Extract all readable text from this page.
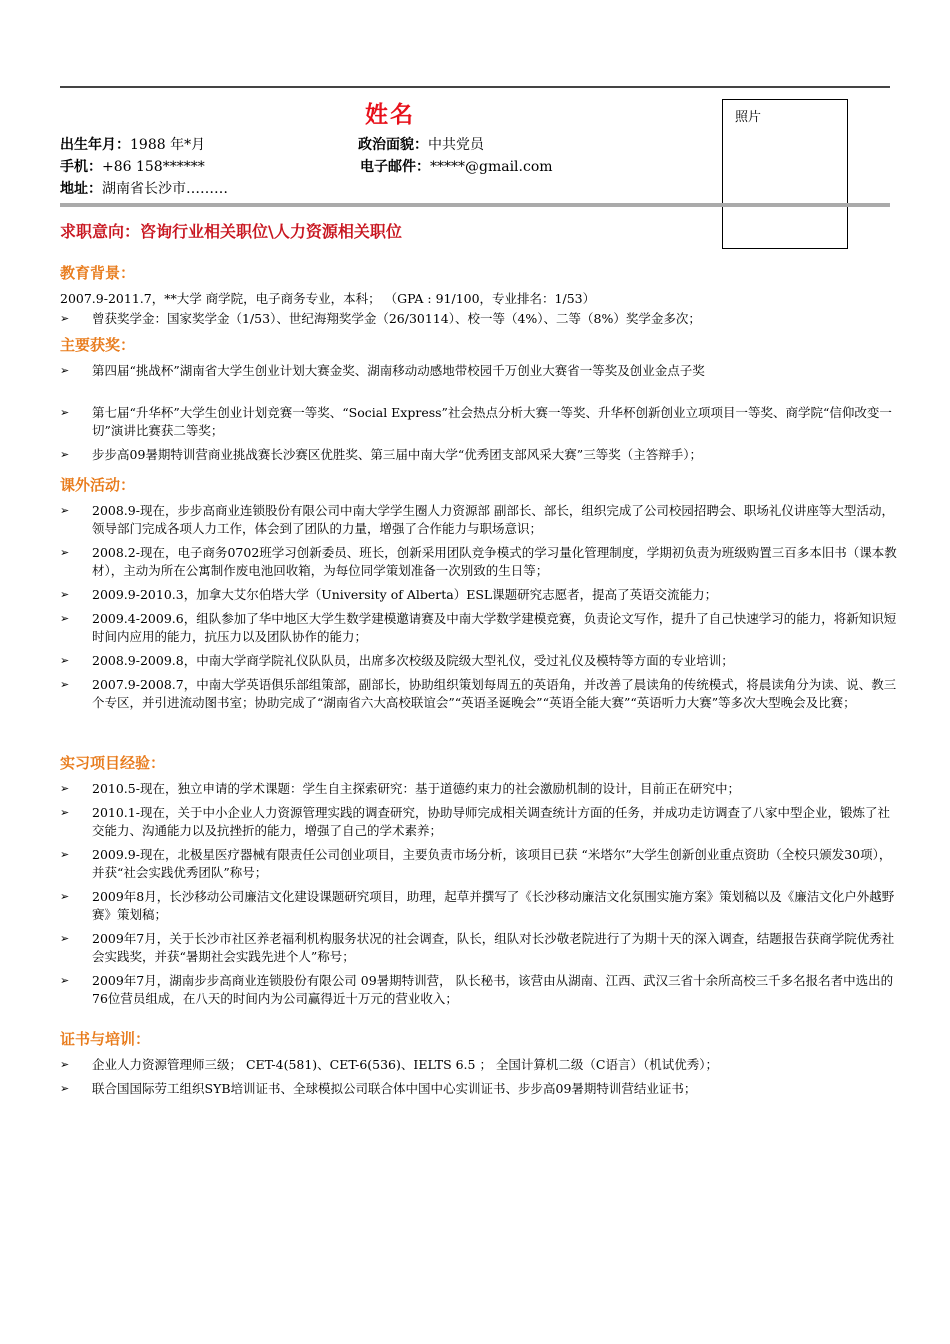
姓名	照片
出生年月：1988 年*月	政治面貌：中共党员
手机：+86 158******	电子邮件：*****@gmail.com
地址：湖南省长沙市………
求职意向：咨询行业相关职位\人力资源相关职位
教育背景：
2007.9-2011.7，**大学 商学院，电子商务专业，本科； （GPA : 91/100，专业排名：1/53）
➢ 曾获奖学金：国家奖学金（1/53）、世纪海翔奖学金（26/30114）、校一等（4%）、二等（8%）奖学金多次；
主要获奖：
➢ 第四届“挑战杯”湖南省大学生创业计划大赛金奖、湖南移动动感地带校园千万创业大赛省一等奖及创业金点子奖
➢ 第七届“升华杯”大学生创业计划竞赛一等奖、“Social Express”社会热点分析大赛一等奖、升华杯创新创业立项项目一等奖、商学院“信仰改变一切”演讲比赛获二等奖；
➢ 步步高09暑期特训营商业挑战赛长沙赛区优胜奖、第三届中南大学“优秀团支部风采大赛”三等奖（主答辩手）；
课外活动：
➢ 2008.9-现在，步步高商业连锁股份有限公司中南大学学生圈人力资源部 副部长、部长，组织完成了公司校园招聘会、职场礼仪讲座等大型活动，领导部门完成各项人力工作，体会到了团队的力量，增强了合作能力与职场意识；
➢ 2008.2-现在，电子商务0702班学习创新委员、班长，创新采用团队竞争模式的学习量化管理制度，学期初负责为班级购置三百多本旧书（课本教材），主动为所在公寓制作废电池回收箱，为每位同学策划准备一次别致的生日等；
➢ 2009.9-2010.3，加拿大艾尔伯塔大学（University of Alberta）ESL课题研究志愿者，提高了英语交流能力；
➢ 2009.4-2009.6，组队参加了华中地区大学生数学建模邀请赛及中南大学数学建模竞赛，负责论文写作，提升了自己快速学习的能力，将新知识短时间内应用的能力，抗压力以及团队协作的能力；
➢ 2008.9-2009.8，中南大学商学院礼仪队队员，出席多次校级及院级大型礼仪，受过礼仪及模特等方面的专业培训；
➢ 2007.9-2008.7，中南大学英语俱乐部组策部，副部长，协助组织策划每周五的英语角，并改善了晨读角的传统模式，将晨读角分为读、说、教三个专区，并引进流动图书室；协助完成了“湖南省六大高校联谊会”“英语圣诞晚会”“英语全能大赛”“英语听力大赛”等多次大型晚会及比赛；
实习项目经验：
➢ 2010.5-现在，独立申请的学术课题：学生自主探索研究：基于道德约束力的社会激励机制的设计，目前正在研究中；
➢ 2010.1-现在，关于中小企业人力资源管理实践的调查研究，协助导师完成相关调查统计方面的任务，并成功走访调查了八家中型企业，锻炼了社交能力、沟通能力以及抗挫折的能力，增强了自己的学术素养；
➢ 2009.9-现在，北极星医疗器械有限责任公司创业项目，主要负责市场分析，该项目已获 “米塔尔”大学生创新创业重点资助（全校只颁发30项），并获“社会实践优秀团队”称号；
➢ 2009年8月，长沙移动公司廉洁文化建设课题研究项目，助理，起草并撰写了《长沙移动廉洁文化氛围实施方案》策划稿以及《廉洁文化户外越野赛》策划稿；
➢ 2009年7月，关于长沙市社区养老福利机构服务状况的社会调查，队长，组队对长沙敬老院进行了为期十天的深入调查，结题报告获商学院优秀社会实践奖，并获“暑期社会实践先进个人”称号；
➢ 2009年7月，湖南步步高商业连锁股份有限公司 09暑期特训营， 队长秘书，该营由从湖南、江西、武汉三省十余所高校三千多名报名者中选出的76位营员组成，在八天的时间内为公司赢得近十万元的营业收入；
证书与培训：
➢ 企业人力资源管理师三级； CET-4(581)、CET-6(536)、IELTS 6.5 ； 全国计算机二级（C语言）（机试优秀）；
➢ 联合国国际劳工组织SYB培训证书、全球模拟公司联合体中国中心实训证书、步步高09暑期特训营结业证书；
